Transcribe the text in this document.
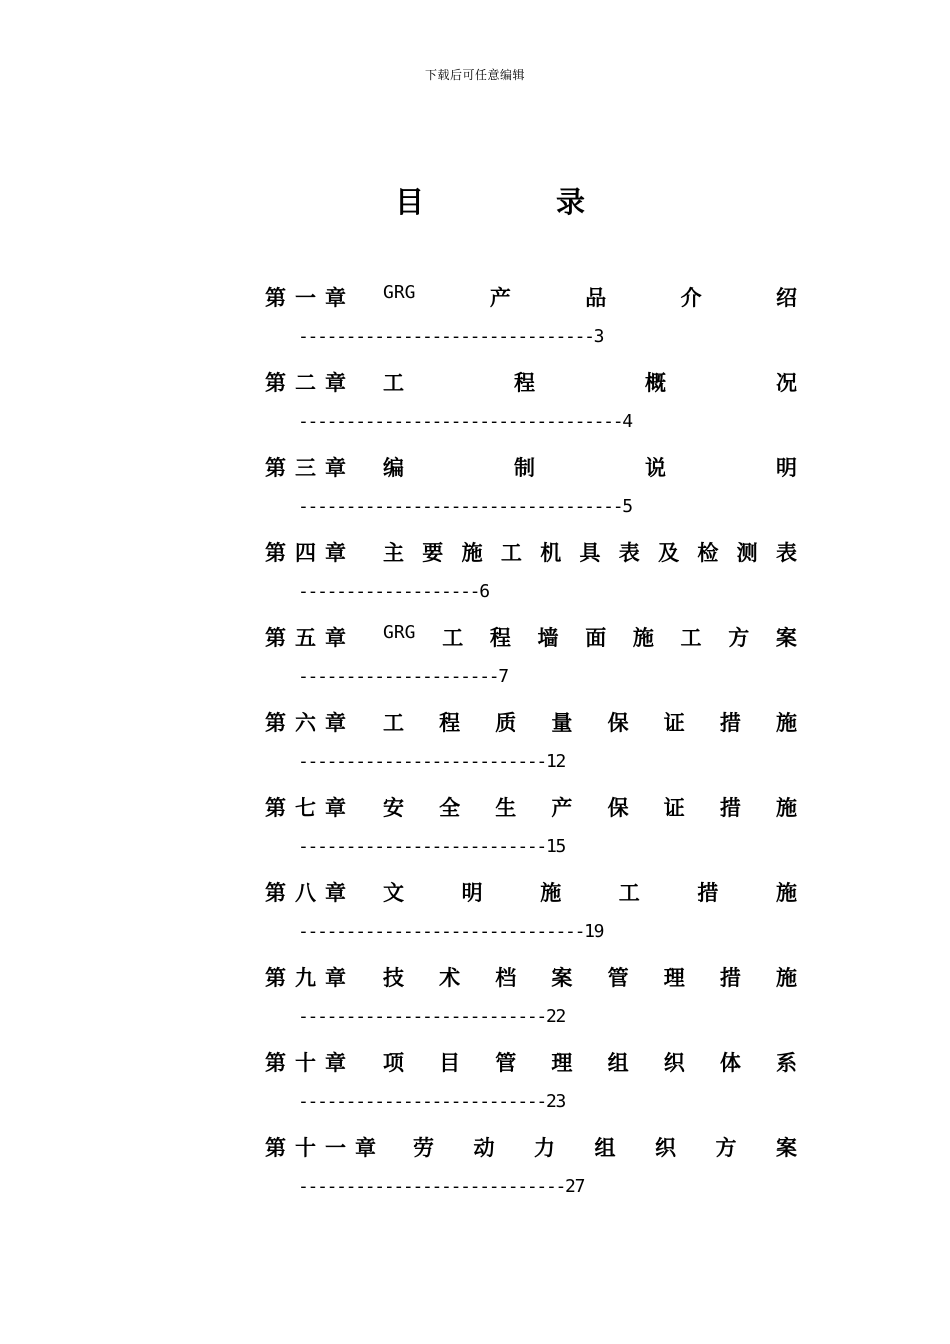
下载后可任意编辑
目	录
第一章 GRG	产	品	介	绍
-------------------------------3
第二章 工	程	概	况
----------------------------------4
第三章 编	制	说	明
----------------------------------5
第四章 主 要 施 工 机 具 表 及 检 测 表
-------------------6
第五章 GRG 工 程 墙 面 施 工 方 案
---------------------7
第六章 工 程 质 量 保 证 措 施
--------------------------12
第七章 安 全 生 产 保 证 措 施
--------------------------15
第八章 文	明	施	工	措	施
------------------------------19
第九章 技 术 档 案 管 理 措 施
--------------------------22
第十章 项 目 管 理 组 织 体 系
--------------------------23
第十一章 劳 动 力 组 织 方 案
----------------------------27
